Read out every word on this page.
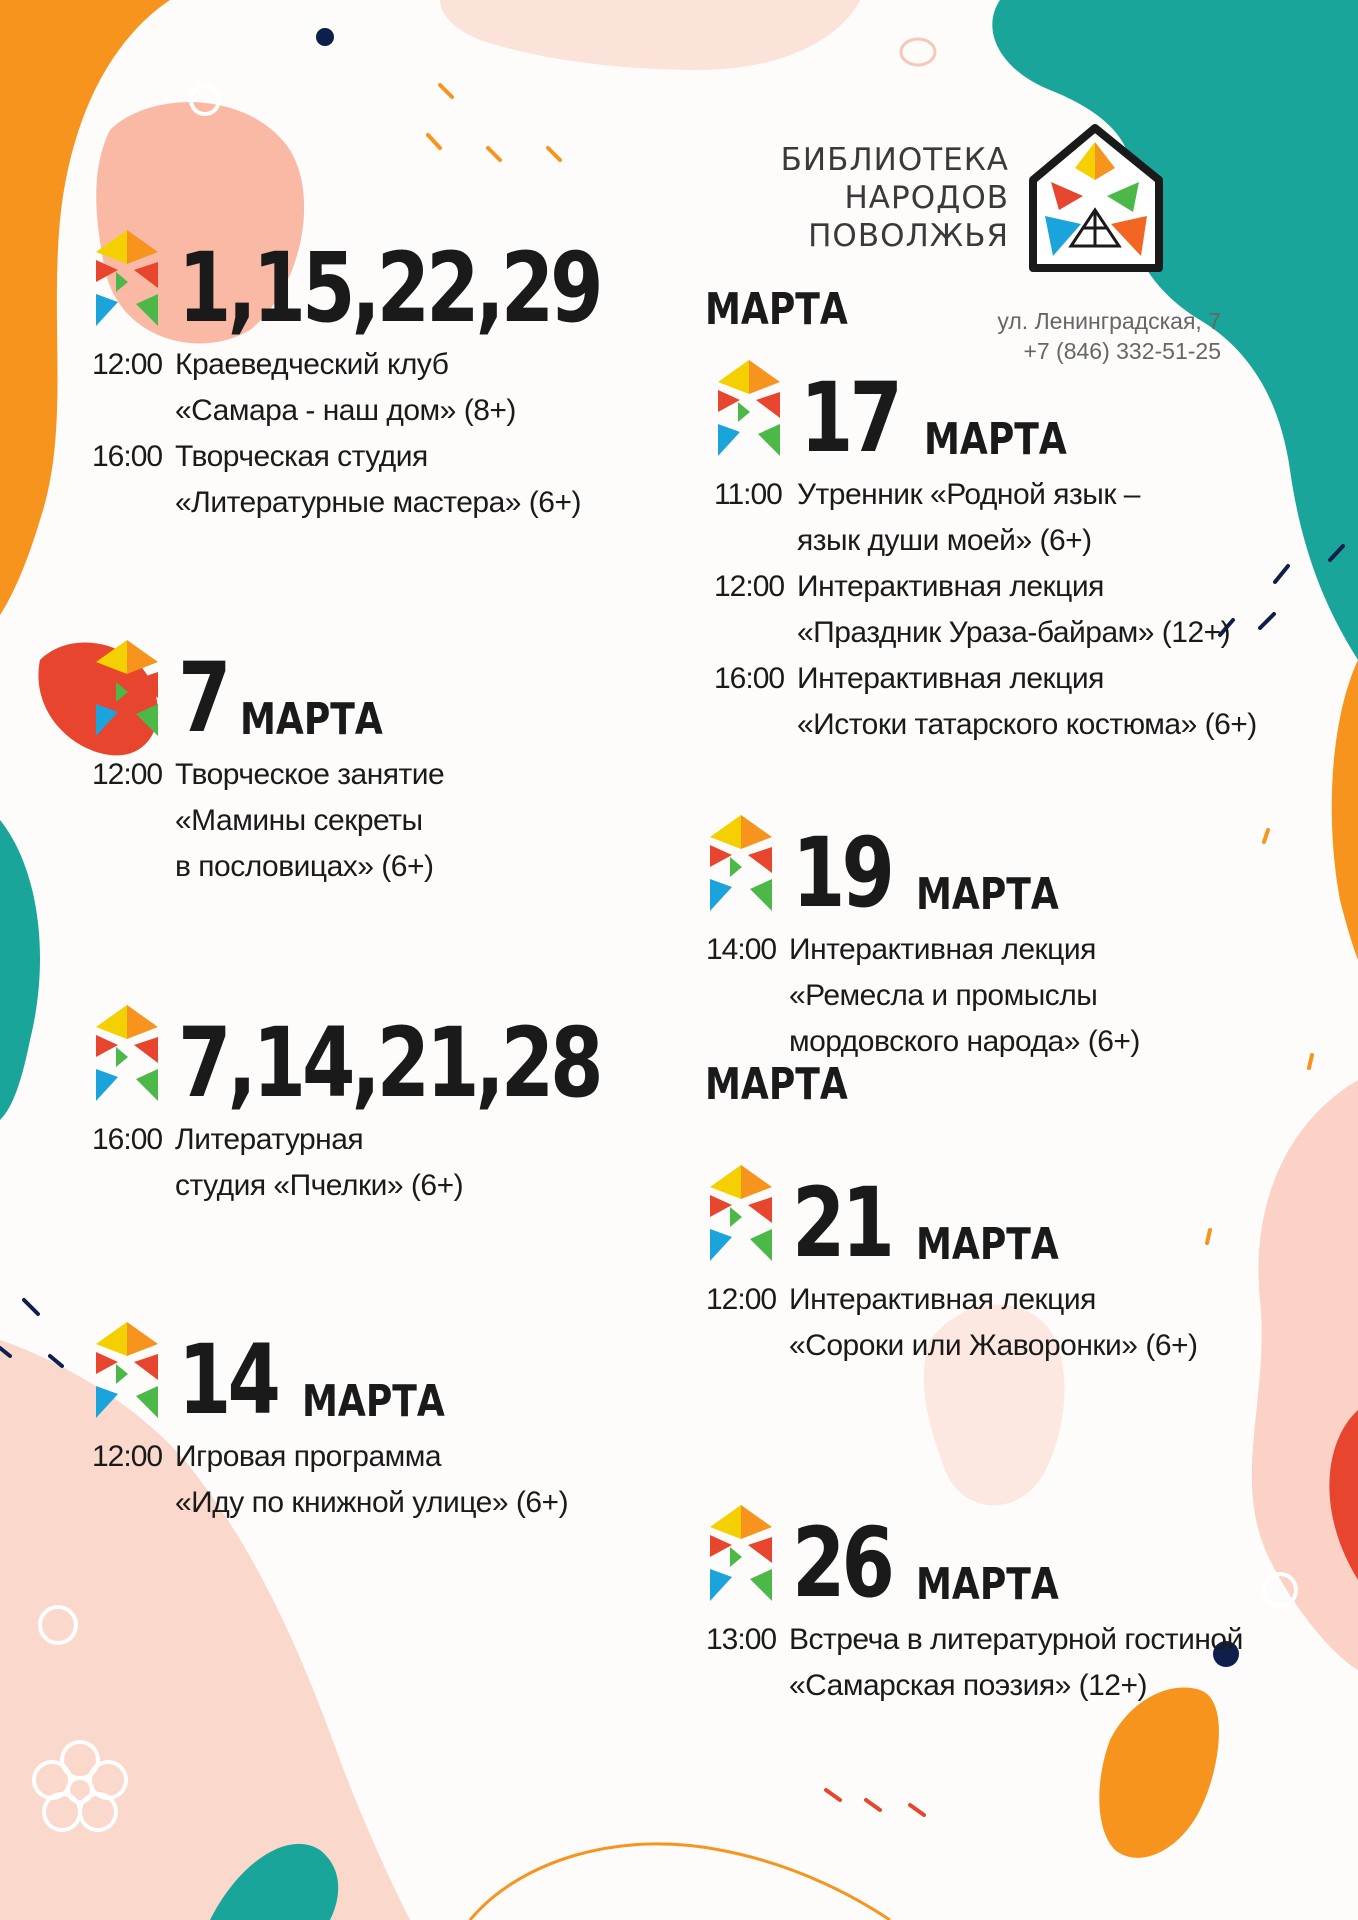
БИБЛИОТЕКА
НАРОДОВ
ПОВОЛЖЬЯ
ул. Ленинградская, 7
+7 (846) 332-51-25
1,15,22,29 МАРТА
12:00 Краеведческий клуб
«Самара - наш дом» (8+)
16:00 Творческая студия
«Литературные мастера» (6+)
7 МАРТА
12:00 Творческое занятие
«Мамины секреты
в пословицах» (6+)
7,14,21,28 МАРТА
16:00 Литературная
студия «Пчелки» (6+)
14 МАРТА
12:00 Игровая программа
«Иду по книжной улице» (6+)
17 МАРТА
11:00 Утренник «Родной язык –
язык души моей» (6+)
12:00 Интерактивная лекция
«Праздник Ураза-байрам» (12+)
16:00 Интерактивная лекция
«Истоки татарского костюма» (6+)
19 МАРТА
14:00 Интерактивная лекция
«Ремесла и промыслы
мордовского народа» (6+)
21 МАРТА
12:00 Интерактивная лекция
«Сороки или Жаворонки» (6+)
26 МАРТА
13:00 Встреча в литературной гостиной
«Самарская поэзия» (12+)
